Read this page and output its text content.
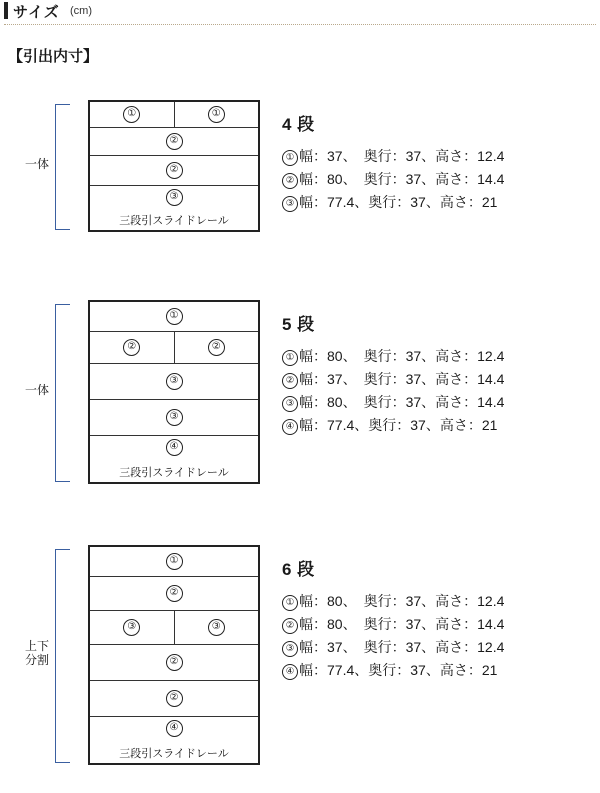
サイズ (cm)
【引出内寸】
①	①
②
②
③
三段引スライドレール
一体
4 段
① 幅：37、　奥行：37、高さ：12.4
② 幅：80、　奥行：37、高さ：14.4
③ 幅：77.4、奥行：37、高さ：21
①
②	②
③
③
④
三段引スライドレール
一体
5 段
① 幅：80、　奥行：37、高さ：12.4
② 幅：37、　奥行：37、高さ：14.4
③ 幅：80、　奥行：37、高さ：14.4
④ 幅：77.4、奥行：37、高さ：21
①
②
③	③
②
②
④
三段引スライドレール
上下
分割
6 段
① 幅：80、　奥行：37、高さ：12.4
② 幅：80、　奥行：37、高さ：14.4
③ 幅：37、　奥行：37、高さ：12.4
④ 幅：77.4、奥行：37、高さ：21
